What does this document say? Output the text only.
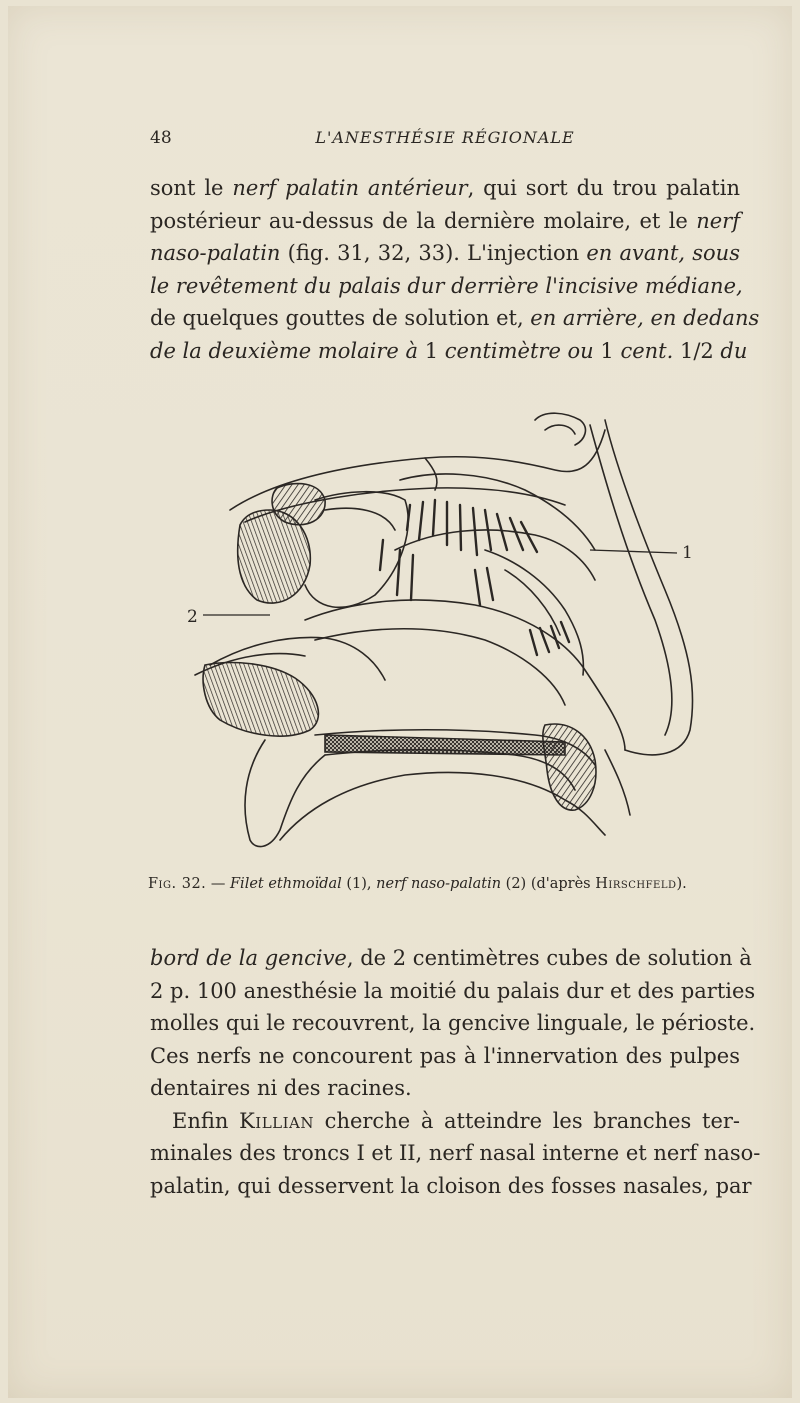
48	L'ANESTHÉSIE RÉGIONALE
sont le nerf palatin antérieur, qui sort du trou palatin
postérieur au-dessus de la dernière molaire, et le nerf
naso-palatin (fig. 31, 32, 33). L'injection en avant, sous
le revêtement du palais dur derrière l'incisive médiane,
de quelques gouttes de solution et, en arrière, en dedans
de la deuxième molaire à 1 centimètre ou 1 cent. 1/2 du
1
2
Fig. 32. — Filet ethmoïdal (1), nerf naso-palatin (2) (d'après Hirschfeld).
bord de la gencive, de 2 centimètres cubes de solution à
2 p. 100 anesthésie la moitié du palais dur et des parties
molles qui le recouvrent, la gencive linguale, le périoste.
Ces nerfs ne concourent pas à l'innervation des pulpes
dentaires ni des racines.
Enfin Killian cherche à atteindre les branches ter-
minales des troncs I et II, nerf nasal interne et nerf naso-
palatin, qui desservent la cloison des fosses nasales, par
